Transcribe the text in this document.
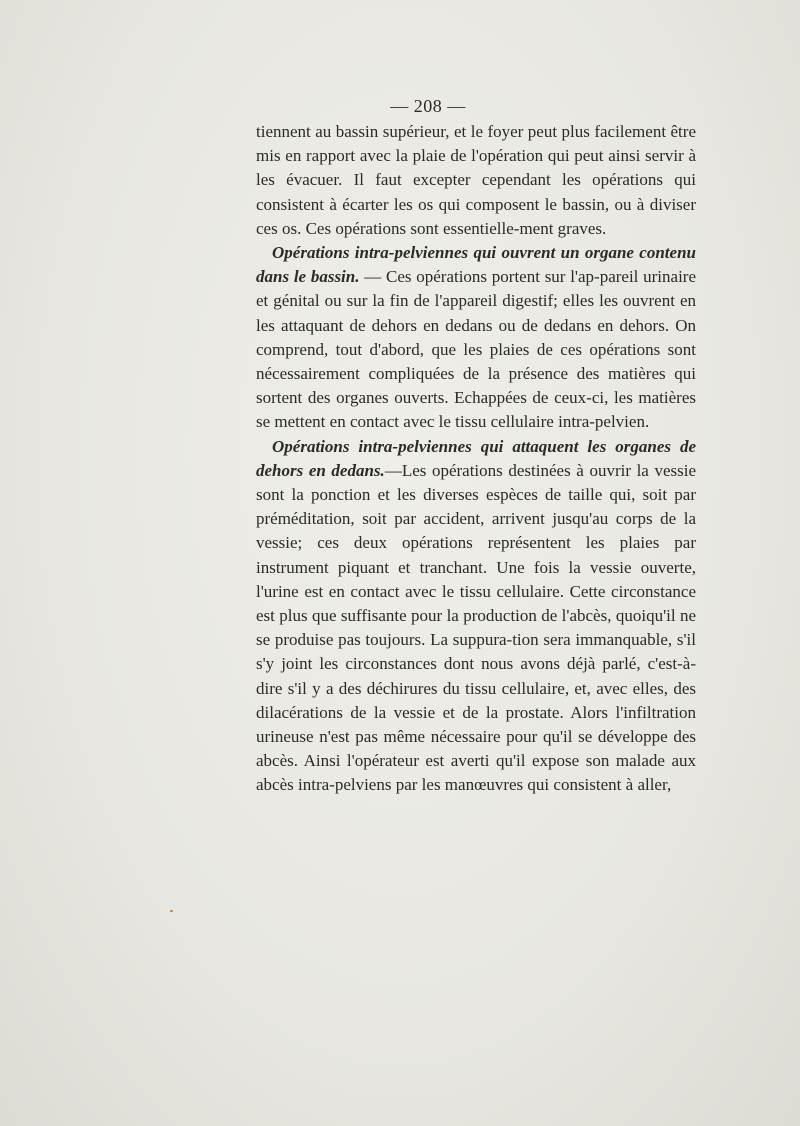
— 208 —

tiennent au bassin supérieur, et le foyer peut plus facilement être mis en rapport avec la plaie de l'opération qui peut ainsi servir à les évacuer. Il faut excepter cependant les opérations qui consistent à écarter les os qui composent le bassin, ou à diviser ces os. Ces opérations sont essentielle-ment graves.

Opérations intra-pelviennes qui ouvrent un organe contenu dans le bassin. — Ces opérations portent sur l'ap-pareil urinaire et génital ou sur la fin de l'appareil digestif; elles les ouvrent en les attaquant de dehors en dedans ou de dedans en dehors. On comprend, tout d'abord, que les plaies de ces opérations sont nécessairement compliquées de la présence des matières qui sortent des organes ouverts. Echappées de ceux-ci, les matières se mettent en contact avec le tissu cellulaire intra-pelvien.

Opérations intra-pelviennes qui attaquent les organes de dehors en dedans.—Les opérations destinées à ouvrir la vessie sont la ponction et les diverses espèces de taille qui, soit par préméditation, soit par accident, arrivent jusqu'au corps de la vessie; ces deux opérations représentent les plaies par instrument piquant et tranchant. Une fois la vessie ouverte, l'urine est en contact avec le tissu cellulaire. Cette circonstance est plus que suffisante pour la production de l'abcès, quoiqu'il ne se produise pas toujours. La suppura-tion sera immanquable, s'il s'y joint les circonstances dont nous avons déjà parlé, c'est-à-dire s'il y a des déchirures du tissu cellulaire, et, avec elles, des dilacérations de la vessie et de la prostate. Alors l'infiltration urineuse n'est pas même nécessaire pour qu'il se développe des abcès. Ainsi l'opérateur est averti qu'il expose son malade aux abcès intra-pelviens par les manœuvres qui consistent à aller,
